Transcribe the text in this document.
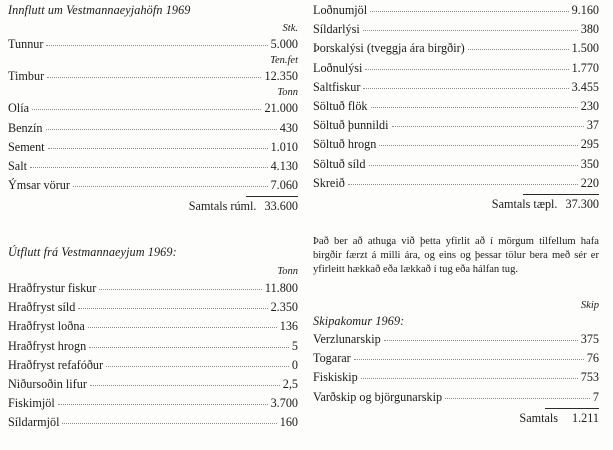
Innflutt um Vestmannaeyjahöfn 1969
Stk.
Tunnur	5.000
Ten.fet
Timbur	12.350
Tonn
Olía	21.000
Benzín	430
Sement	1.010
Salt	4.130
Ýmsar vörur	7.060
Samtals rúml. 33.600
Útflutt frá Vestmannaeyjum 1969:
Tonn
Hraðfrystur fiskur	11.800
Hraðfryst síld	2.350
Hraðfryst loðna	136
Hraðfryst hrogn	5
Hraðfryst refafóður	0
Niðursoðin lifur	2,5
Fiskimjöl	3.700
Síldarmjöl	160
Loðnumjöl	9.160
Síldarlýsi	380
Þorskalýsi (tveggja ára birgðir)	1.500
Loðnulýsi	1.770
Saltfiskur	3.455
Söltuð flök	230
Söltuð þunnildi	37
Söltuð hrogn	295
Söltuð síld	350
Skreið	220
Samtals tæpl. 37.300
Það ber að athuga við þetta yfirlit að í mörgum tilfellum hafa birgðir færzt á milli ára, og eins og þessar tölur bera með sér er yfirleitt hækkað eða lækkað í tug eða hálfan tug.
Skip
Skipakomur 1969:
Verzlunarskip	375
Togarar	76
Fiskiskip	753
Varðskip og björgunarskip	7
Samtals 1.211
